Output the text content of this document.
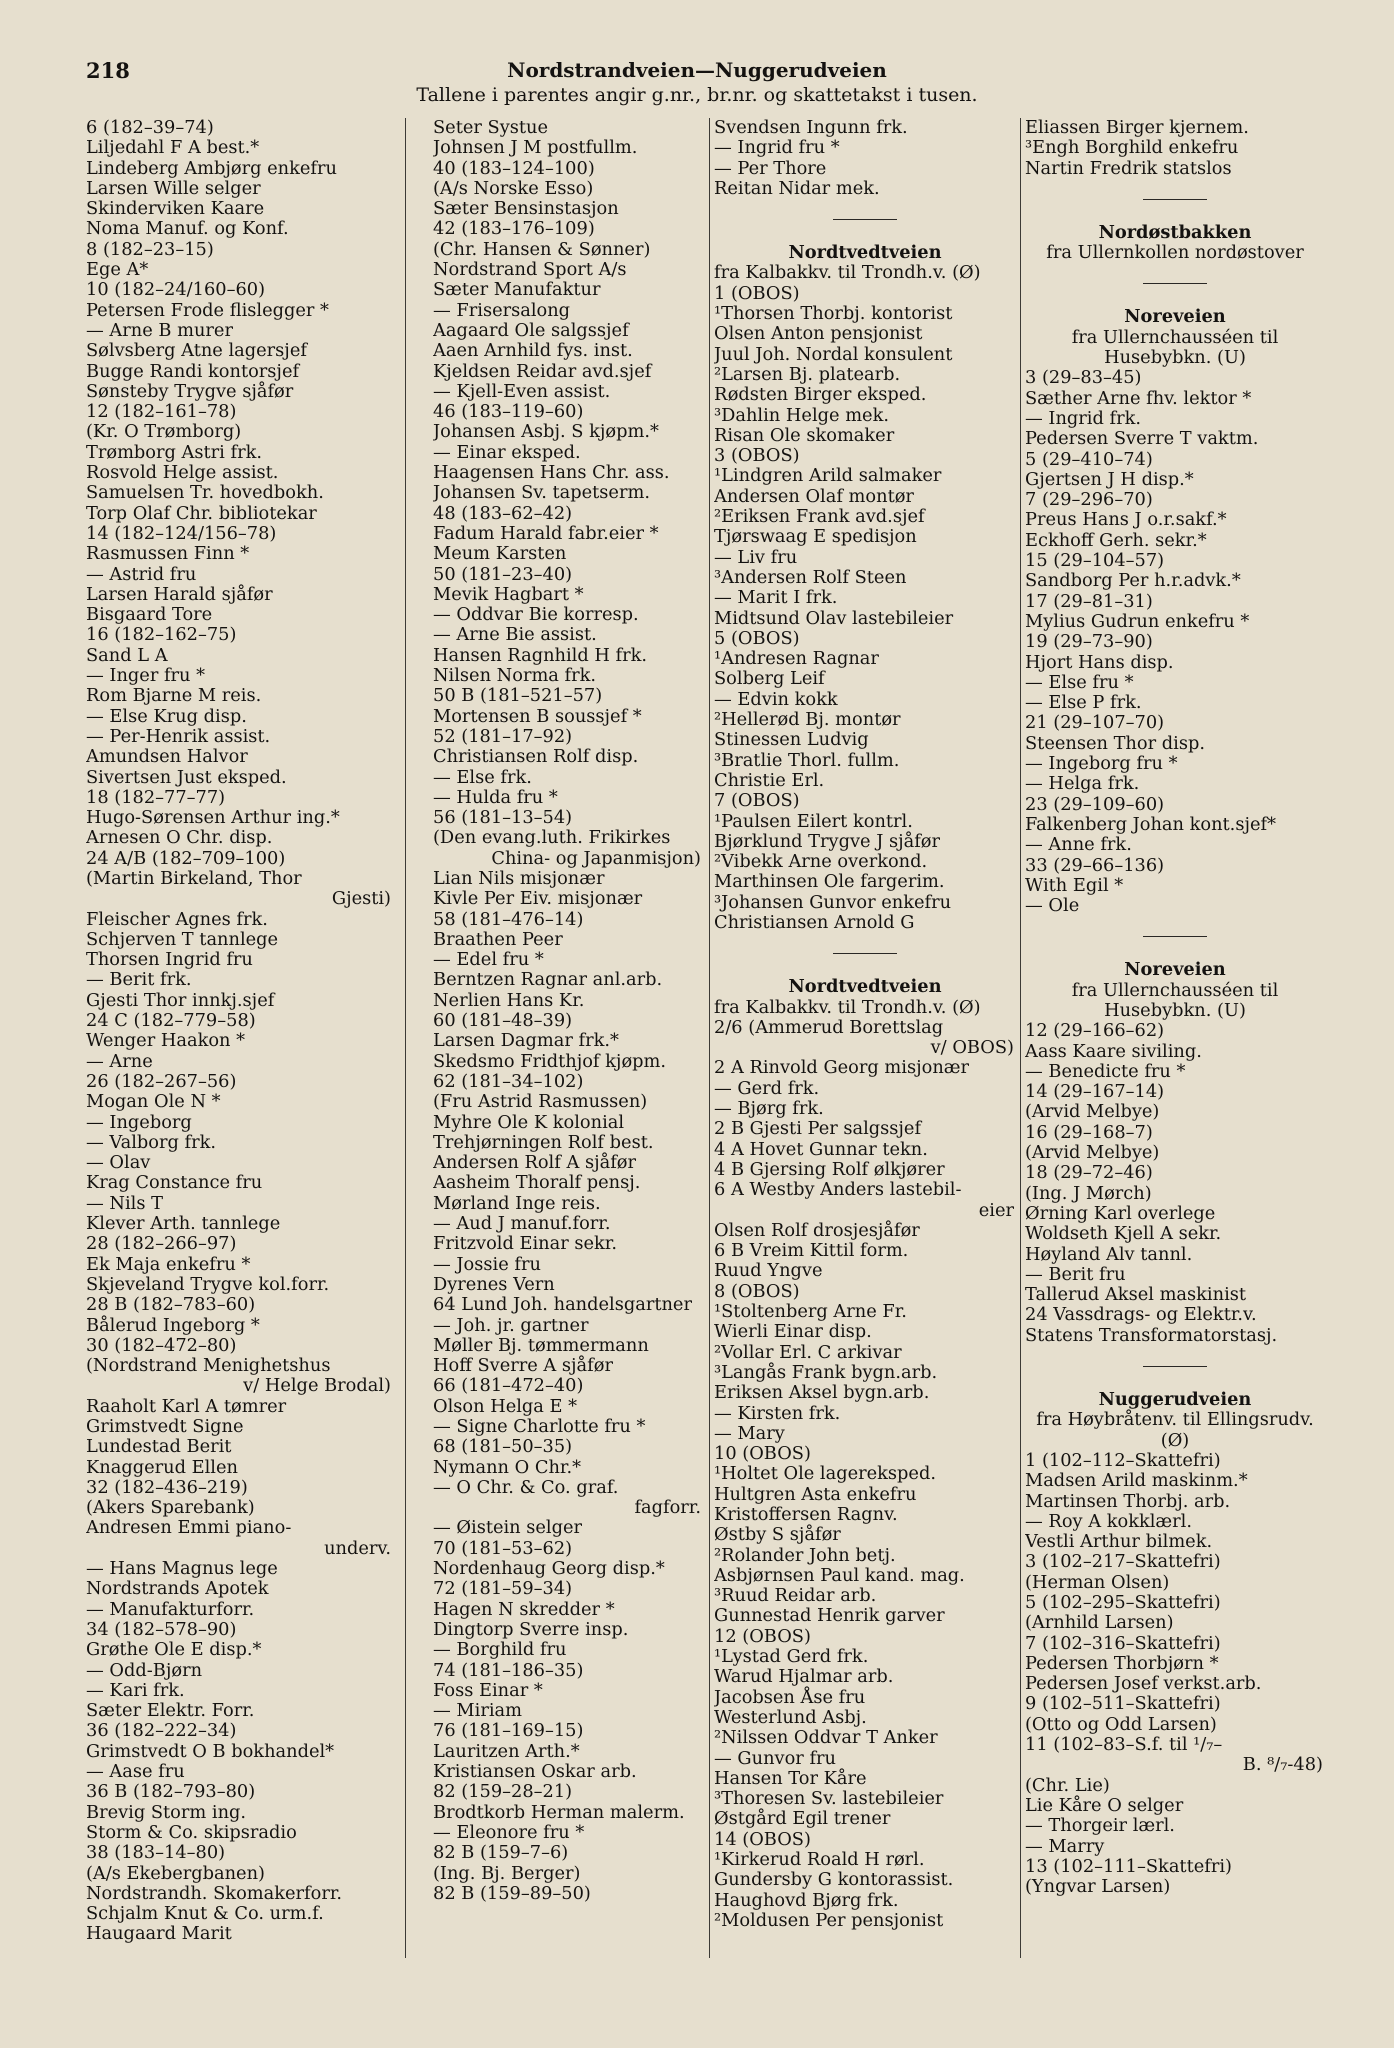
218	Nordstrandveien—Nuggerudveien
Tallene i parentes angir g.nr., br.nr. og skattetakst i tusen.
6 (182–39–74)
Liljedahl F A best.*
Lindeberg Ambjørg enkefru
Larsen Wille selger
Skinderviken Kaare
Noma Manuf. og Konf.
8 (182–23–15)
Ege A*
10 (182–24/160–60)
Petersen Frode flislegger *
— Arne B murer
Sølvsberg Atne lagersjef
Bugge Randi kontorsjef
Sønsteby Trygve sjåfør
12 (182–161–78)
(Kr. O Trømborg)
Trømborg Astri frk.
Rosvold Helge assist.
Samuelsen Tr. hovedbokh.
Torp Olaf Chr. bibliotekar
14 (182–124/156–78)
Rasmussen Finn *
— Astrid fru
Larsen Harald sjåfør
Bisgaard Tore
16 (182–162–75)
Sand L A
— Inger fru *
Rom Bjarne M reis.
— Else Krug disp.
— Per-Henrik assist.
Amundsen Halvor
Sivertsen Just eksped.
18 (182–77–77)
Hugo-Sørensen Arthur ing.*
Arnesen O Chr. disp.
24 A/B (182–709–100)
(Martin Birkeland, Thor
Gjesti)
Fleischer Agnes frk.
Schjerven T tannlege
Thorsen Ingrid fru
— Berit frk.
Gjesti Thor innkj.sjef
24 C (182–779–58)
Wenger Haakon *
— Arne
26 (182–267–56)
Mogan Ole N *
— Ingeborg
— Valborg frk.
— Olav
Krag Constance fru
— Nils T
Klever Arth. tannlege
28 (182–266–97)
Ek Maja enkefru *
Skjeveland Trygve kol.forr.
28 B (182–783–60)
Bålerud Ingeborg *
30 (182–472–80)
(Nordstrand Menighetshus
v/ Helge Brodal)
Raaholt Karl A tømrer
Grimstvedt Signe
Lundestad Berit
Knaggerud Ellen
32 (182–436–219)
(Akers Sparebank)
Andresen Emmi piano-
underv.
— Hans Magnus lege
Nordstrands Apotek
— Manufakturforr.
34 (182–578–90)
Grøthe Ole E disp.*
— Odd-Bjørn
— Kari frk.
Sæter Elektr. Forr.
36 (182–222–34)
Grimstvedt O B bokhandel*
— Aase fru
36 B (182–793–80)
Brevig Storm ing.
Storm & Co. skipsradio
38 (183–14–80)
(A/s Ekebergbanen)
Nordstrandh. Skomakerforr.
Schjalm Knut & Co. urm.f.
Haugaard Marit
Seter Systue
Johnsen J M postfullm.
40 (183–124–100)
(A/s Norske Esso)
Sæter Bensinstasjon
42 (183–176–109)
(Chr. Hansen & Sønner)
Nordstrand Sport A/s
Sæter Manufaktur
— Frisersalong
Aagaard Ole salgssjef
Aaen Arnhild fys. inst.
Kjeldsen Reidar avd.sjef
— Kjell-Even assist.
46 (183–119–60)
Johansen Asbj. S kjøpm.*
— Einar eksped.
Haagensen Hans Chr. ass.
Johansen Sv. tapetserm.
48 (183–62–42)
Fadum Harald fabr.eier *
Meum Karsten
50 (181–23–40)
Mevik Hagbart *
— Oddvar Bie korresp.
— Arne Bie assist.
Hansen Ragnhild H frk.
Nilsen Norma frk.
50 B (181–521–57)
Mortensen B soussjef *
52 (181–17–92)
Christiansen Rolf disp.
— Else frk.
— Hulda fru *
56 (181–13–54)
(Den evang.luth. Frikirkes
China- og Japanmisjon)
Lian Nils misjonær
Kivle Per Eiv. misjonær
58 (181–476–14)
Braathen Peer
— Edel fru *
Berntzen Ragnar anl.arb.
Nerlien Hans Kr.
60 (181–48–39)
Larsen Dagmar frk.*
Skedsmo Fridthjof kjøpm.
62 (181–34–102)
(Fru Astrid Rasmussen)
Myhre Ole K kolonial
Trehjørningen Rolf best.
Andersen Rolf A sjåfør
Aasheim Thoralf pensj.
Mørland Inge reis.
— Aud J manuf.forr.
Fritzvold Einar sekr.
— Jossie fru
Dyrenes Vern
64 Lund Joh. handelsgartner
— Joh. jr. gartner
Møller Bj. tømmermann
Hoff Sverre A sjåfør
66 (181–472–40)
Olson Helga E *
— Signe Charlotte fru *
68 (181–50–35)
Nymann O Chr.*
— O Chr. & Co. graf.
fagforr.
— Øistein selger
70 (181–53–62)
Nordenhaug Georg disp.*
72 (181–59–34)
Hagen N skredder *
Dingtorp Sverre insp.
— Borghild fru
74 (181–186–35)
Foss Einar *
— Miriam
76 (181–169–15)
Lauritzen Arth.*
Kristiansen Oskar arb.
82 (159–28–21)
Brodtkorb Herman malerm.
— Eleonore fru *
82 B (159–7–6)
(Ing. Bj. Berger)
82 B (159–89–50)
Svendsen Ingunn frk.
— Ingrid fru *
— Per Thore
Reitan Nidar mek.
Nordtvedtveien
fra Kalbakkv. til Trondh.v. (Ø)
1 (OBOS)
¹Thorsen Thorbj. kontorist
Olsen Anton pensjonist
Juul Joh. Nordal konsulent
²Larsen Bj. platearb.
Rødsten Birger eksped.
³Dahlin Helge mek.
Risan Ole skomaker
3 (OBOS)
¹Lindgren Arild salmaker
Andersen Olaf montør
²Eriksen Frank avd.sjef
Tjørswaag E spedisjon
— Liv fru
³Andersen Rolf Steen
— Marit I frk.
Midtsund Olav lastebileier
5 (OBOS)
¹Andresen Ragnar
Solberg Leif
— Edvin kokk
²Hellerød Bj. montør
Stinessen Ludvig
³Bratlie Thorl. fullm.
Christie Erl.
7 (OBOS)
¹Paulsen Eilert kontrl.
Bjørklund Trygve J sjåfør
²Vibekk Arne overkond.
Marthinsen Ole fargerim.
³Johansen Gunvor enkefru
Christiansen Arnold G
Nordtvedtveien
fra Kalbakkv. til Trondh.v. (Ø)
2/6 (Ammerud Borettslag
v/ OBOS)
2 A Rinvold Georg misjonær
— Gerd frk.
— Bjørg frk.
2 B Gjesti Per salgssjef
4 A Hovet Gunnar tekn.
4 B Gjersing Rolf ølkjører
6 A Westby Anders lastebil-
eier
Olsen Rolf drosjesjåfør
6 B Vreim Kittil form.
Ruud Yngve
8 (OBOS)
¹Stoltenberg Arne Fr.
Wierli Einar disp.
²Vollar Erl. C arkivar
³Langås Frank bygn.arb.
Eriksen Aksel bygn.arb.
— Kirsten frk.
— Mary
10 (OBOS)
¹Holtet Ole lagereksped.
Hultgren Asta enkefru
Kristoffersen Ragnv.
Østby S sjåfør
²Rolander John betj.
Asbjørnsen Paul kand. mag.
³Ruud Reidar arb.
Gunnestad Henrik garver
12 (OBOS)
¹Lystad Gerd frk.
Warud Hjalmar arb.
Jacobsen Åse fru
Westerlund Asbj.
²Nilssen Oddvar T Anker
— Gunvor fru
Hansen Tor Kåre
³Thoresen Sv. lastebileier
Østgård Egil trener
14 (OBOS)
¹Kirkerud Roald H rørl.
Gundersby G kontorassist.
Haughovd Bjørg frk.
²Moldusen Per pensjonist
Eliassen Birger kjernem.
³Engh Borghild enkefru
Nartin Fredrik statslos
Nordøstbakken
fra Ullernkollen nordøstover
Noreveien
fra Ullernchausséen til
Husebybkn. (U)
3 (29–83–45)
Sæther Arne fhv. lektor *
— Ingrid frk.
Pedersen Sverre T vaktm.
5 (29–410–74)
Gjertsen J H disp.*
7 (29–296–70)
Preus Hans J o.r.sakf.*
Eckhoff Gerh. sekr.*
15 (29–104–57)
Sandborg Per h.r.advk.*
17 (29–81–31)
Mylius Gudrun enkefru *
19 (29–73–90)
Hjort Hans disp.
— Else fru *
— Else P frk.
21 (29–107–70)
Steensen Thor disp.
— Ingeborg fru *
— Helga frk.
23 (29–109–60)
Falkenberg Johan kont.sjef*
— Anne frk.
33 (29–66–136)
With Egil *
— Ole
Noreveien
fra Ullernchausséen til
Husebybkn. (U)
12 (29–166–62)
Aass Kaare siviling.
— Benedicte fru *
14 (29–167–14)
(Arvid Melbye)
16 (29–168–7)
(Arvid Melbye)
18 (29–72–46)
(Ing. J Mørch)
Ørning Karl overlege
Woldseth Kjell A sekr.
Høyland Alv tannl.
— Berit fru
Tallerud Aksel maskinist
24 Vassdrags- og Elektr.v.
Statens Transformatorstasj.
Nuggerudveien
fra Høybråtenv. til Ellingsrudv.
(Ø)
1 (102–112–Skattefri)
Madsen Arild maskinm.*
Martinsen Thorbj. arb.
— Roy A kokklærl.
Vestli Arthur bilmek.
3 (102–217–Skattefri)
(Herman Olsen)
5 (102–295–Skattefri)
(Arnhild Larsen)
7 (102–316–Skattefri)
Pedersen Thorbjørn *
Pedersen Josef verkst.arb.
9 (102–511–Skattefri)
(Otto og Odd Larsen)
11 (102–83–S.f. til ¹/₇–
B. ⁸/₇-48)
(Chr. Lie)
Lie Kåre O selger
— Thorgeir lærl.
— Marry
13 (102–111–Skattefri)
(Yngvar Larsen)
